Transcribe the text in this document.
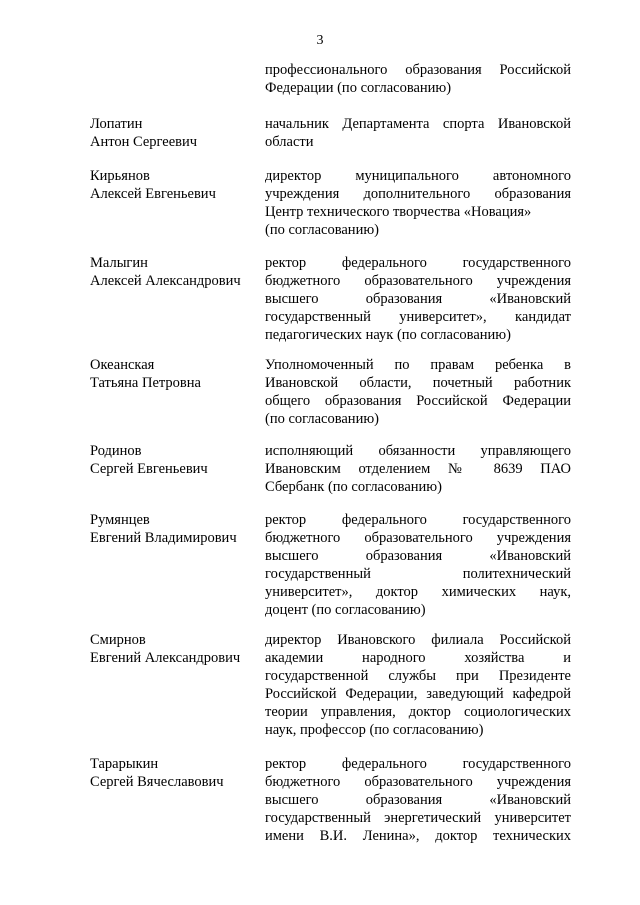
3
профессионального образования Российской
Федерации (по согласованию)
Лопатин
Антон Сергеевич
начальник Департамента спорта Ивановской
области
Кирьянов
Алексей Евгеньевич
директор муниципального автономного
учреждения дополнительного образования
Центр технического творчества «Новация»
(по согласованию)
Малыгин
Алексей Александрович
ректор федерального государственного
бюджетного образовательного учреждения
высшего образования «Ивановский
государственный университет», кандидат
педагогических наук (по согласованию)
Океанская
Татьяна Петровна
Уполномоченный по правам ребенка в
Ивановской области, почетный работник
общего образования Российской Федерации
(по согласованию)
Родинов
Сергей Евгеньевич
исполняющий обязанности управляющего
Ивановским отделением № 8639 ПАО
Сбербанк (по согласованию)
Румянцев
Евгений Владимирович
ректор федерального государственного
бюджетного образовательного учреждения
высшего образования «Ивановский
государственный политехнический
университет», доктор химических наук,
доцент (по согласованию)
Смирнов
Евгений Александрович
директор Ивановского филиала Российской
академии народного хозяйства и
государственной службы при Президенте
Российской Федерации, заведующий кафедрой
теории управления, доктор социологических
наук, профессор (по согласованию)
Тарарыкин
Сергей Вячеславович
ректор федерального государственного
бюджетного образовательного учреждения
высшего образования «Ивановский
государственный энергетический университет
имени В.И. Ленина», доктор технических
